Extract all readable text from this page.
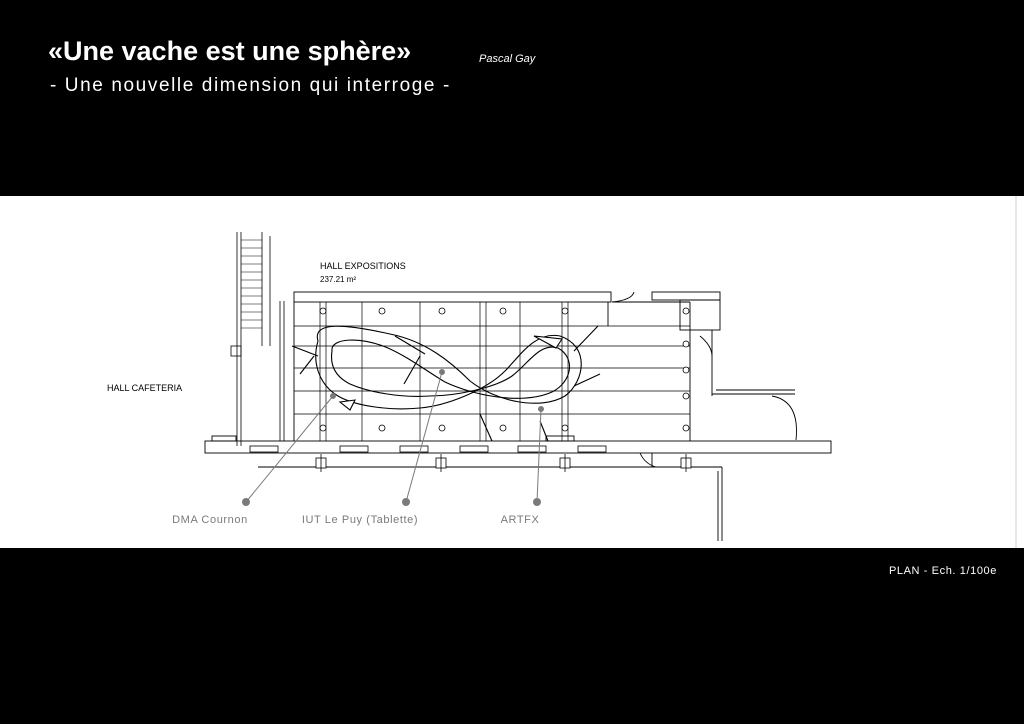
«Une vache est une sphère»	Pascal Gay
- Une nouvelle dimension qui interroge -
HALL EXPOSITIONS
237.21 m²
HALL CAFETERIA
DMA Cournon	IUT Le Puy (Tablette)	ARTFX
PLAN - Ech. 1/100e
